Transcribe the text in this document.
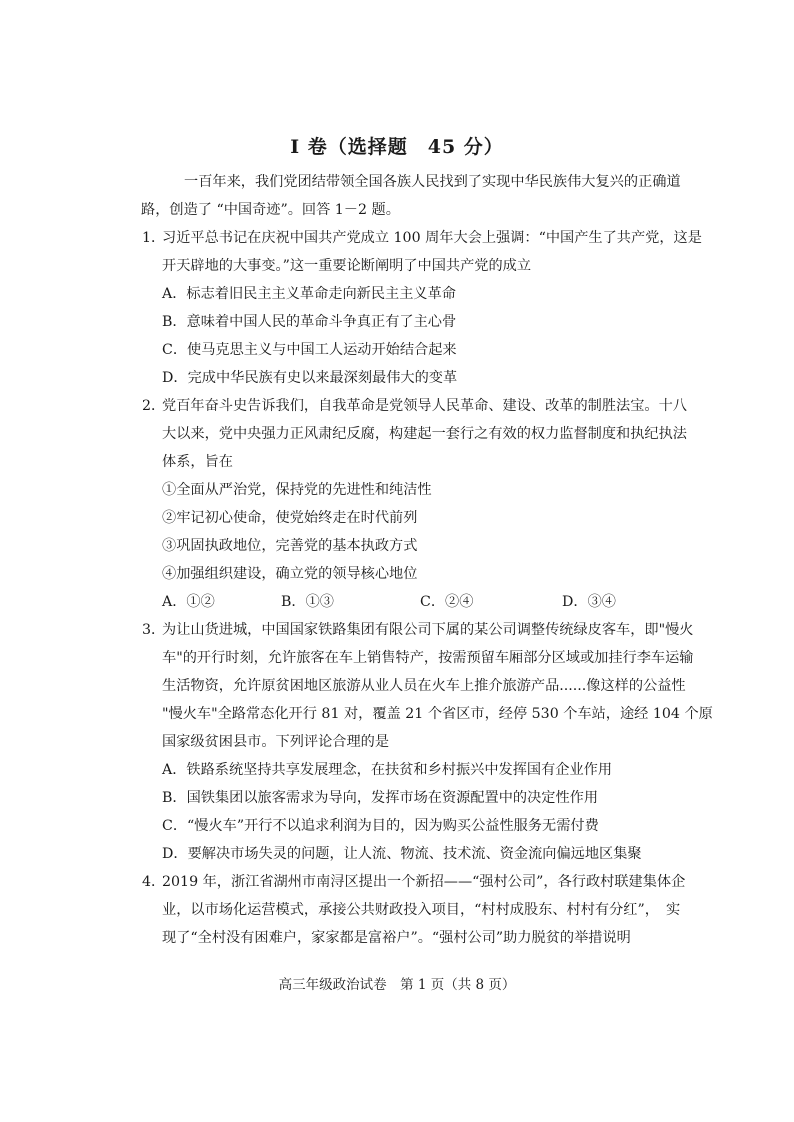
I 卷（选择题　45 分）
一百年来，我们党团结带领全国各族人民找到了实现中华民族伟大复兴的正确道
路，创造了 “中国奇迹”。回答 1－2 题。
1．
习近平总书记在庆祝中国共产党成立 100 周年大会上强调：“中国产生了共产党，这是
开天辟地的大事变。”这一重要论断阐明了中国共产党的成立
A．标志着旧民主主义革命走向新民主主义革命
B．意味着中国人民的革命斗争真正有了主心骨
C．使马克思主义与中国工人运动开始结合起来
D．完成中华民族有史以来最深刻最伟大的变革
2．
党百年奋斗史告诉我们，自我革命是党领导人民革命、建设、改革的制胜法宝。十八
大以来，党中央强力正风肃纪反腐，构建起一套行之有效的权力监督制度和执纪执法
体系，旨在
①全面从严治党，保持党的先进性和纯洁性
②牢记初心使命，使党始终走在时代前列
③巩固执政地位，完善党的基本执政方式
④加强组织建设，确立党的领导核心地位
A．①②	B．①③	C．②④	D．③④
3．
为让山货进城，中国国家铁路集团有限公司下属的某公司调整传统绿皮客车，即"慢火
车"的开行时刻，允许旅客在车上销售特产，按需预留车厢部分区域或加挂行李车运输
生活物资，允许原贫困地区旅游从业人员在火车上推介旅游产品......像这样的公益性
"慢火车"全路常态化开行 81 对，覆盖 21 个省区市，经停 530 个车站，途经 104 个原
国家级贫困县市。下列评论合理的是
A．铁路系统坚持共享发展理念，在扶贫和乡村振兴中发挥国有企业作用
B．国铁集团以旅客需求为导向，发挥市场在资源配置中的决定性作用
C．“慢火车”开行不以追求利润为目的，因为购买公益性服务无需付费
D．要解决市场失灵的问题，让人流、物流、技术流、资金流向偏远地区集聚
4．
2019 年，浙江省湖州市南浔区提出一个新招——“强村公司”，各行政村联建集体企
业，以市场化运营模式，承接公共财政投入项目，“村村成股东、村村有分红”，　实
现了“全村没有困难户，家家都是富裕户”。“强村公司”助力脱贫的举措说明
高三年级政治试卷　第 1 页（共 8 页）
